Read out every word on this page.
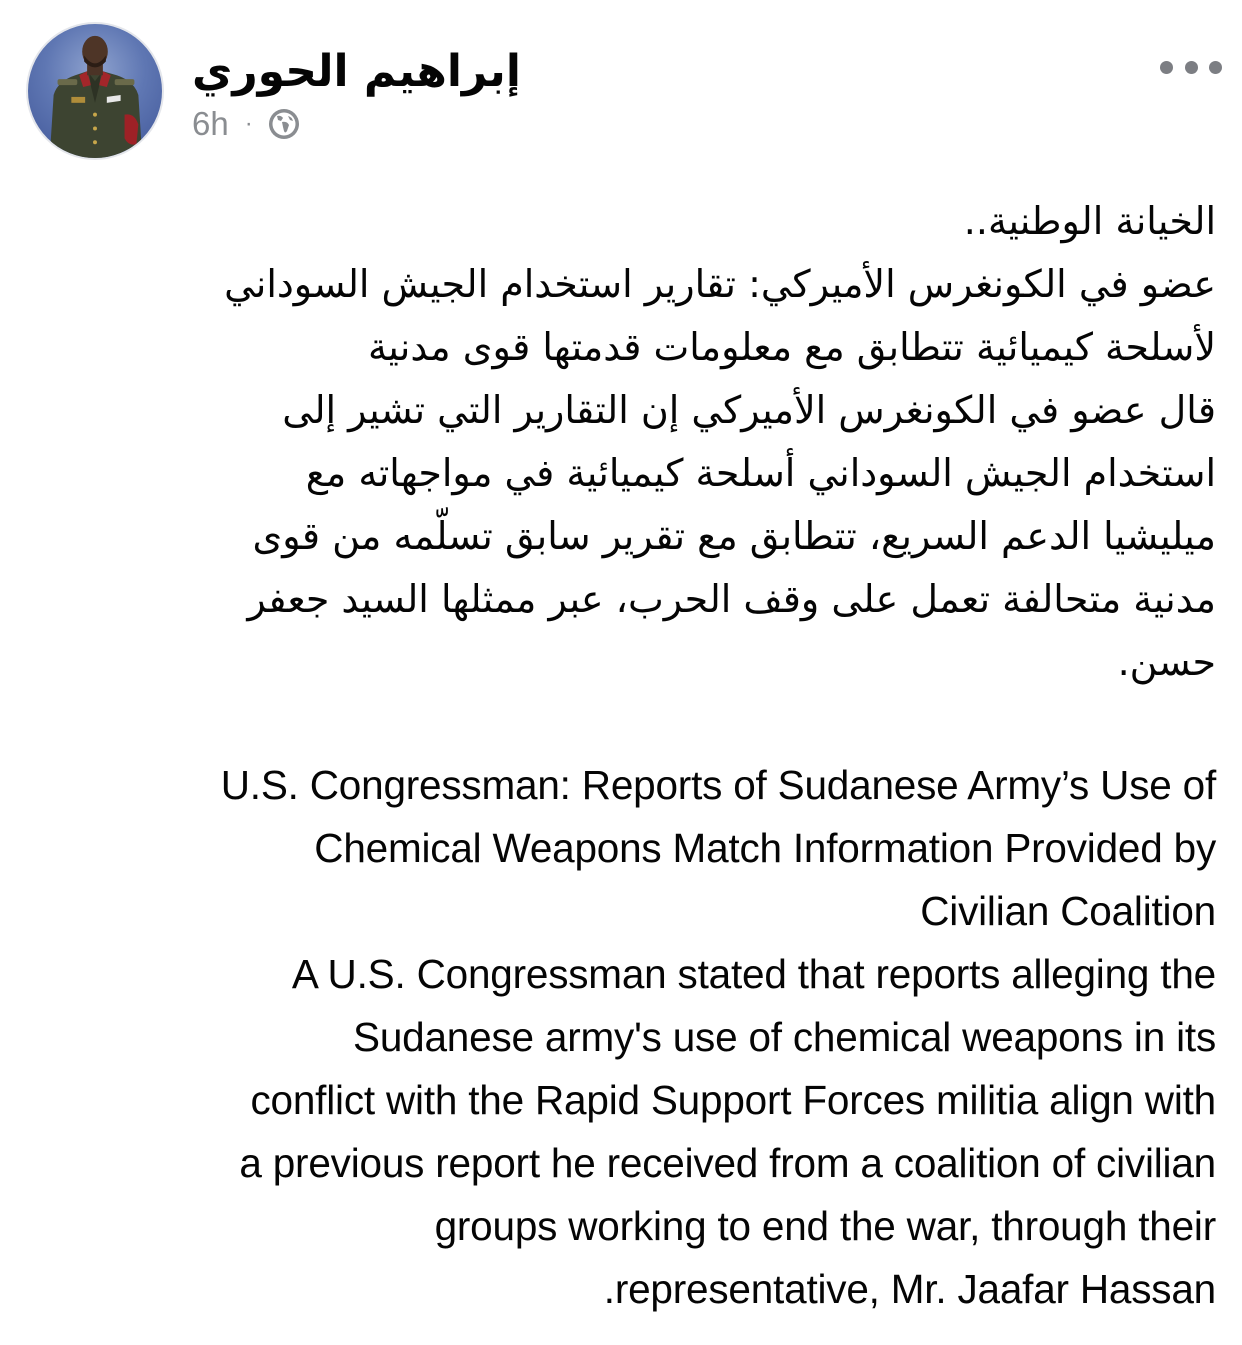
إبراهيم الحوري
6h ·
الخيانة الوطنية..
عضو في الكونغرس الأميركي: تقارير استخدام الجيش السوداني
لأسلحة كيميائية تتطابق مع معلومات قدمتها قوى مدنية
قال عضو في الكونغرس الأميركي إن التقارير التي تشير إلى
استخدام الجيش السوداني أسلحة كيميائية في مواجهاته مع
ميليشيا الدعم السريع، تتطابق مع تقرير سابق تسلّمه من قوى
مدنية متحالفة تعمل على وقف الحرب، عبر ممثلها السيد جعفر
حسن.
U.S. Congressman: Reports of Sudanese Army’s Use of
Chemical Weapons Match Information Provided by
Civilian Coalition
A U.S. Congressman stated that reports alleging the
Sudanese army's use of chemical weapons in its
conflict with the Rapid Support Forces militia align with
a previous report he received from a coalition of civilian
groups working to end the war, through their
.representative, Mr. Jaafar Hassan
